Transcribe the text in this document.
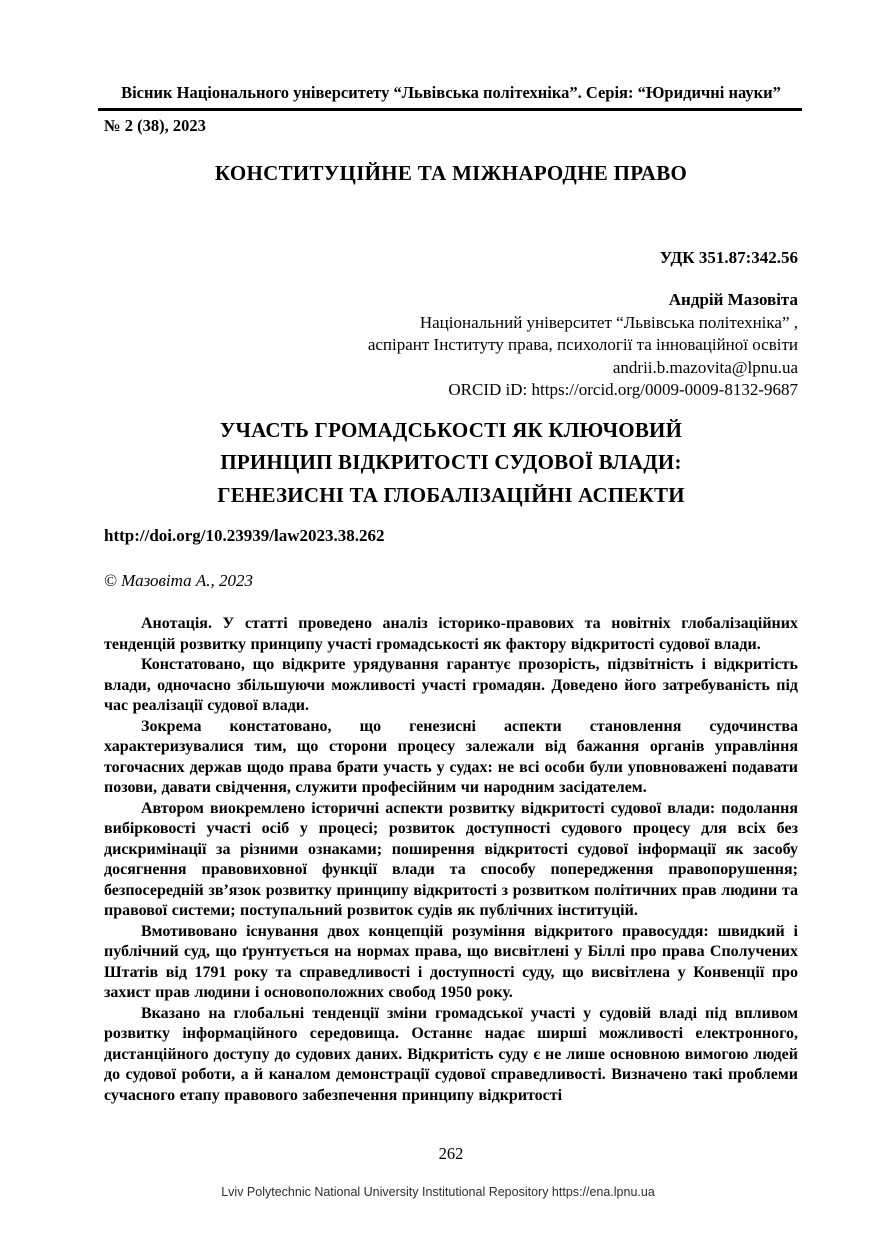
Вісник Національного університету “Львівська політехніка”. Серія: “Юридичні науки”
№ 2 (38), 2023
КОНСТИТУЦІЙНЕ ТА МІЖНАРОДНЕ ПРАВО
УДК 351.87:342.56
Андрій Мазовіта
Національний університет “Львівська політехніка” ,
аспірант Інституту права, психології та інноваційної освіти
andrii.b.mazovita@lpnu.ua
ORCID iD: https://orcid.org/0009-0009-8132-9687
УЧАСТЬ ГРОМАДСЬКОСТІ ЯК КЛЮЧОВИЙ
ПРИНЦИП ВІДКРИТОСТІ СУДОВОЇ ВЛАДИ:
ГЕНЕЗИСНІ ТА ГЛОБАЛІЗАЦІЙНІ АСПЕКТИ
http://doi.org/10.23939/law2023.38.262
© Мазовіта А., 2023

Анотація. У статті проведено аналіз історико-правових та новітніх глобалізаційних тенденцій розвитку принципу участі громадськості як фактору відкритості судової влади.

Констатовано, що відкрите урядування гарантує прозорість, підзвітність і відкритість влади, одночасно збільшуючи можливості участі громадян. Доведено його затребуваність під час реалізації судової влади.

Зокрема констатовано, що генезисні аспекти становлення судочинства характеризувалися тим, що сторони процесу залежали від бажання органів управління тогочасних держав щодо права брати участь у судах: не всі особи були уповноважені подавати позови, давати свідчення, служити професійним чи народним засідателем.

Автором виокремлено історичні аспекти розвитку відкритості судової влади: подолання вибірковості участі осіб у процесі; розвиток доступності судового процесу для всіх без дискримінації за різними ознаками; поширення відкритості судової інформації як засобу досягнення правовиховної функції влади та способу попередження правопорушення; безпосередній зв’язок розвитку принципу відкритості з розвитком політичних прав людини та правової системи; поступальний розвиток судів як публічних інституцій.

Вмотивовано існування двох концепцій розуміння відкритого правосуддя: швидкий і публічний суд, що ґрунтується на нормах права, що висвітлені у Біллі про права Сполучених Штатів від 1791 року та справедливості і доступності суду, що висвітлена у Конвенції про захист прав людини і основоположних свобод 1950 року.

Вказано на глобальні тенденції зміни громадської участі у судовій владі під впливом розвитку інформаційного середовища. Останнє надає ширші можливості електронного, дистанційного доступу до судових даних. Відкритість суду є не лише основною вимогою людей до судової роботи, а й каналом демонстрації судової справедливості. Визначено такі проблеми сучасного етапу правового забезпечення принципу відкритості

262
Lviv Polytechnic National University Institutional Repository https://ena.lpnu.ua
